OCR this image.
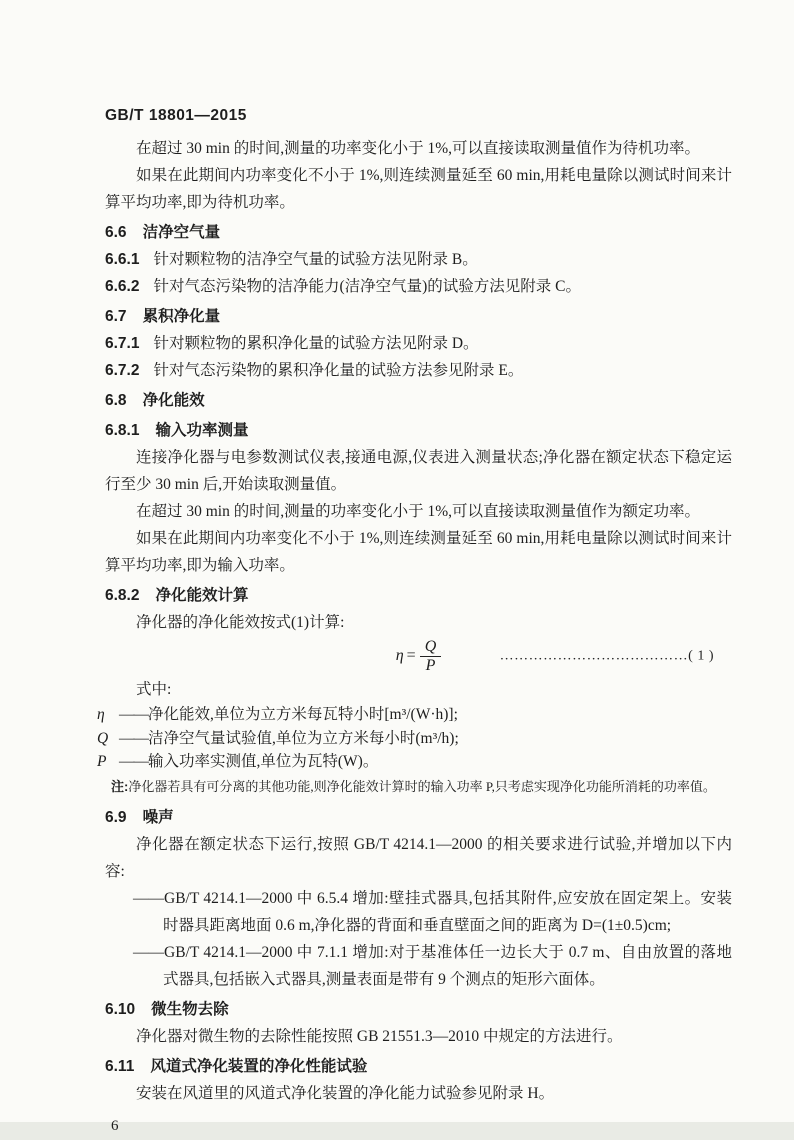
GB/T 18801—2015

在超过 30 min 的时间,测量的功率变化小于 1%,可以直接读取测量值作为待机功率。

如果在此期间内功率变化不小于 1%,则连续测量延至 60 min,用耗电量除以测试时间来计算平均功率,即为待机功率。

6.6 洁净空气量

6.6.1 针对颗粒物的洁净空气量的试验方法见附录 B。

6.6.2 针对气态污染物的洁净能力(洁净空气量)的试验方法见附录 C。

6.7 累积净化量

6.7.1 针对颗粒物的累积净化量的试验方法见附录 D。

6.7.2 针对气态污染物的累积净化量的试验方法参见附录 E。

6.8 净化能效
6.8.1 输入功率测量

连接净化器与电参数测试仪表,接通电源,仪表进入测量状态;净化器在额定状态下稳定运行至少 30 min 后,开始读取测量值。

在超过 30 min 的时间,测量的功率变化小于 1%,可以直接读取测量值作为额定功率。

如果在此期间内功率变化不小于 1%,则连续测量延至 60 min,用耗电量除以测试时间来计算平均功率,即为输入功率。

6.8.2 净化能效计算

净化器的净化能效按式(1)计算:

$\eta = \frac{Q}{P}$	…………………………………( 1 )

式中:

η ——净化能效,单位为立方米每瓦特小时[m³/(W·h)];

Q ——洁净空气量试验值,单位为立方米每小时(m³/h);

P ——输入功率实测值,单位为瓦特(W)。

注:净化器若具有可分离的其他功能,则净化能效计算时的输入功率 P,只考虑实现净化功能所消耗的功率值。

6.9 噪声

净化器在额定状态下运行,按照 GB/T 4214.1—2000 的相关要求进行试验,并增加以下内容:

——GB/T 4214.1—2000 中 6.5.4 增加:壁挂式器具,包括其附件,应安放在固定架上。安装时器具距离地面 0.6 m,净化器的背面和垂直壁面之间的距离为 D=(1±0.5)cm;

——GB/T 4214.1—2000 中 7.1.1 增加:对于基准体任一边长大于 0.7 m、自由放置的落地式器具,包括嵌入式器具,测量表面是带有 9 个测点的矩形六面体。

6.10 微生物去除

净化器对微生物的去除性能按照 GB 21551.3—2010 中规定的方法进行。

6.11 风道式净化装置的净化性能试验

安装在风道里的风道式净化装置的净化能力试验参见附录 H。

6
